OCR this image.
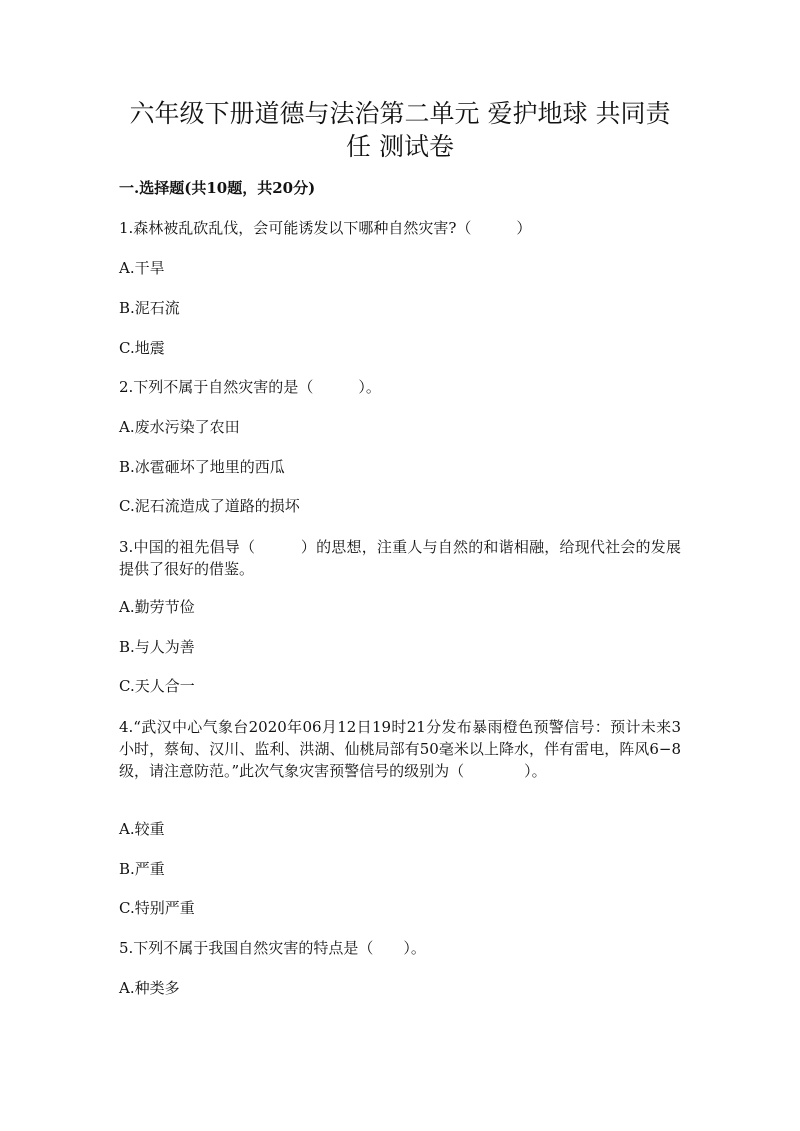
六年级下册道德与法治第二单元 爱护地球 共同责任 测试卷
一.选择题(共10题，共20分)
1.森林被乱砍乱伐，会可能诱发以下哪种自然灾害?（　　　）
A.干旱
B.泥石流
C.地震
2.下列不属于自然灾害的是（　　　）。
A.废水污染了农田
B.冰雹砸坏了地里的西瓜
C.泥石流造成了道路的损坏
3.中国的祖先倡导（　　　）的思想，注重人与自然的和谐相融，给现代社会的发展提供了很好的借鉴。
A.勤劳节俭
B.与人为善
C.天人合一
4.“武汉中心气象台2020年06月12日19时21分发布暴雨橙色预警信号：预计未来3小时，蔡甸、汉川、监利、洪湖、仙桃局部有50毫米以上降水，伴有雷电，阵风6−8级，请注意防范。”此次气象灾害预警信号的级别为（　　　　）。
A.较重
B.严重
C.特别严重
5.下列不属于我国自然灾害的特点是（　　）。
A.种类多
